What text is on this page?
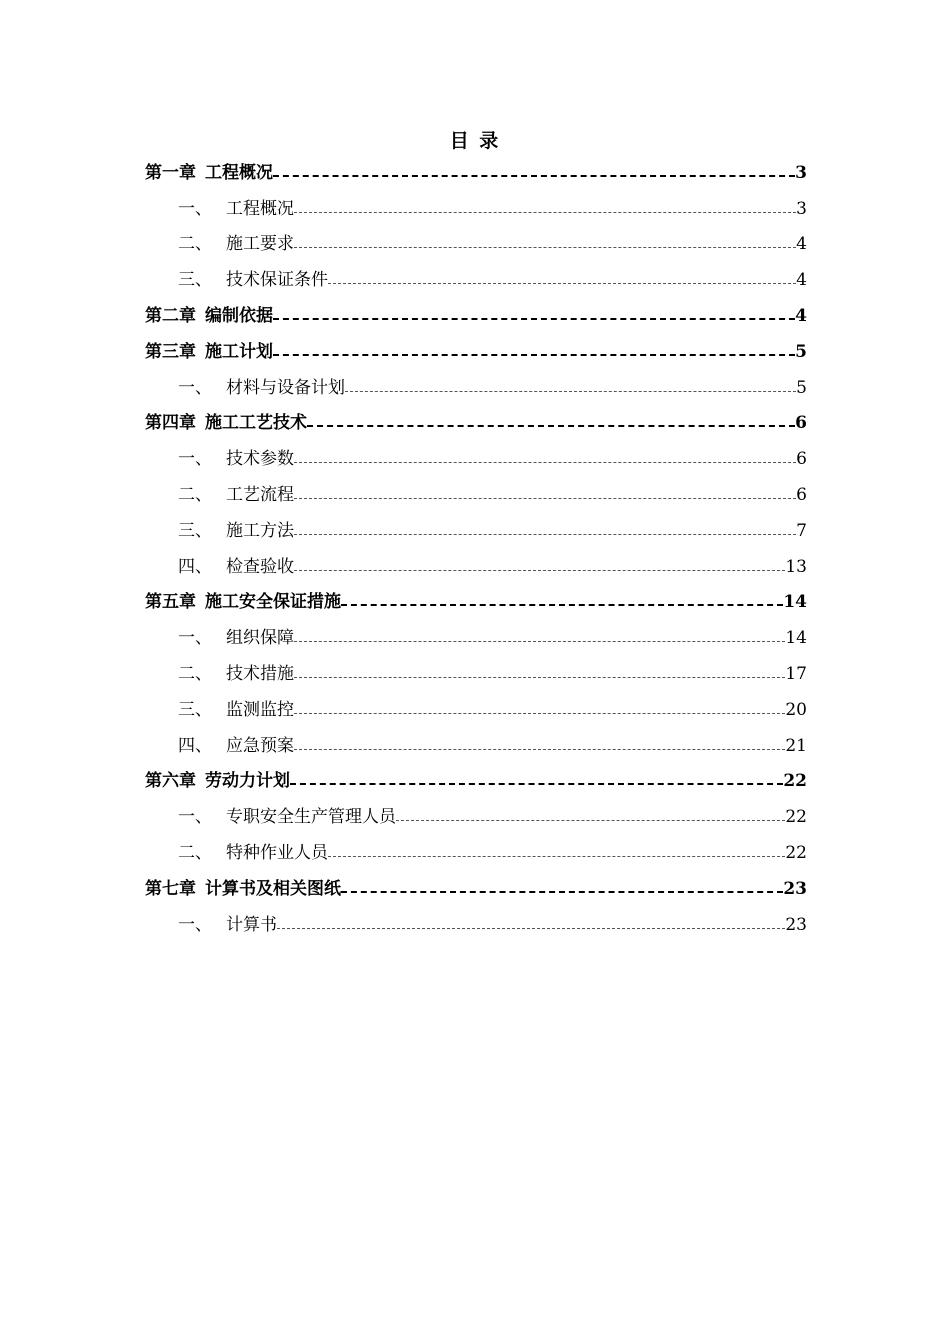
目 录
第一章 工程概况	3
一、 工程概况	3
二、 施工要求	4
三、 技术保证条件	4
第二章 编制依据	4
第三章 施工计划	5
一、 材料与设备计划	5
第四章 施工工艺技术	6
一、 技术参数	6
二、 工艺流程	6
三、 施工方法	7
四、 检查验收	13
第五章 施工安全保证措施	14
一、 组织保障	14
二、 技术措施	17
三、 监测监控	20
四、 应急预案	21
第六章 劳动力计划	22
一、 专职安全生产管理人员	22
二、 特种作业人员	22
第七章 计算书及相关图纸	23
一、 计算书	23
